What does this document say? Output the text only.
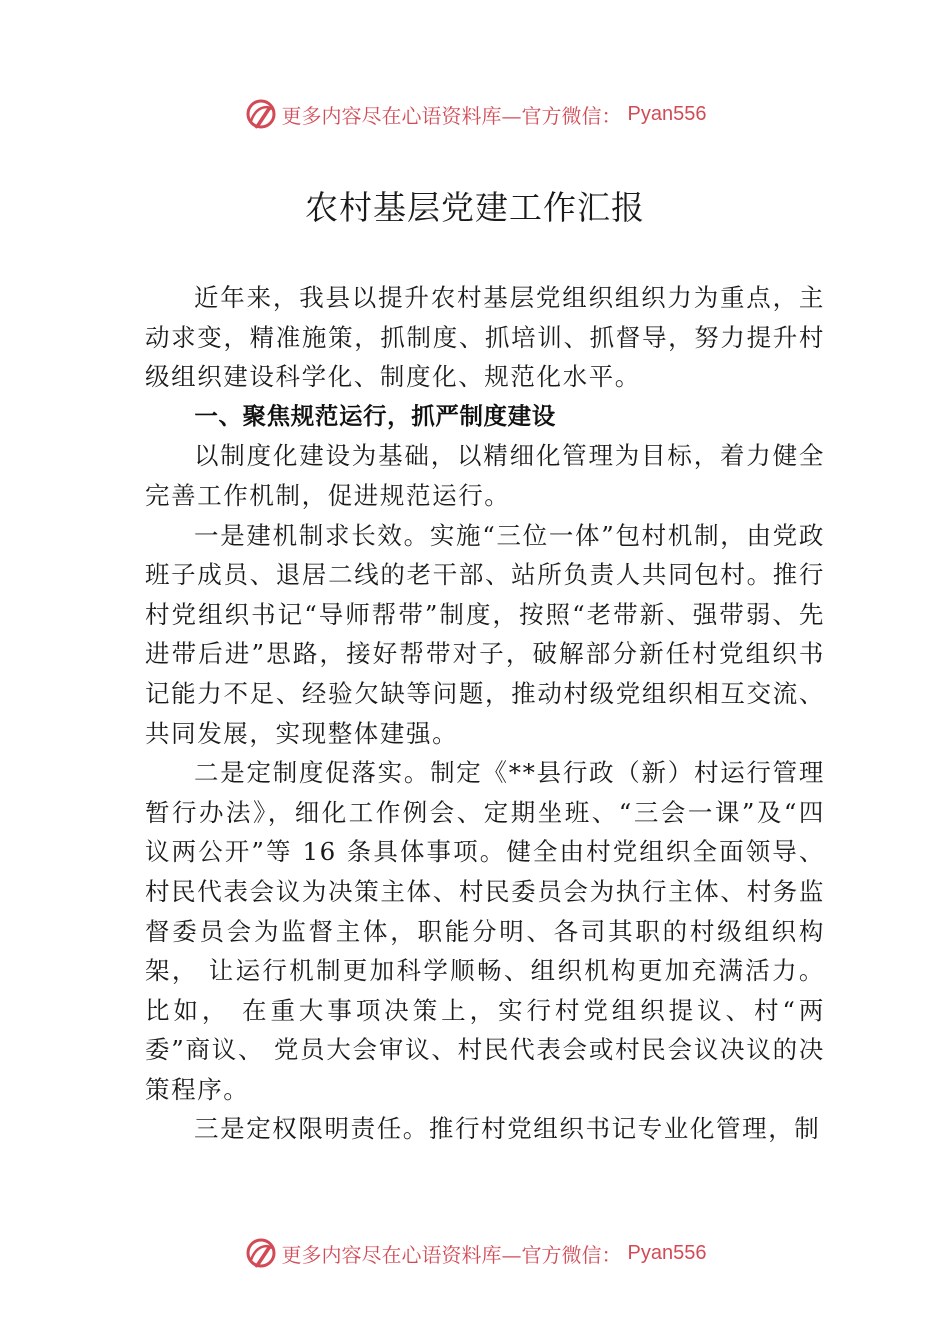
更多内容尽在心语资料库—官方微信： Pyan556
农村基层党建工作汇报

近年来，我县以提升农村基层党组织组织力为重点，主动求变，精准施策，抓制度、抓培训、抓督导，努力提升村级组织建设科学化、制度化、规范化水平。

一、聚焦规范运行，抓严制度建设

以制度化建设为基础，以精细化管理为目标，着力健全完善工作机制，促进规范运行。

一是建机制求长效。实施“三位一体”包村机制，由党政班子成员、退居二线的老干部、站所负责人共同包村。推行村党组织书记“导师帮带”制度，按照“老带新、强带弱、先进带后进”思路，接好帮带对子，破解部分新任村党组织书记能力不足、经验欠缺等问题，推动村级党组织相互交流、共同发展，实现整体建强。

二是定制度促落实。制定《**县行政（新）村运行管理暂行办法》，细化工作例会、定期坐班、“三会一课”及“四议两公开”等 16 条具体事项。健全由村党组织全面领导、村民代表会议为决策主体、村民委员会为执行主体、村务监督委员会为监督主体，职能分明、各司其职的村级组织构架， 让运行机制更加科学顺畅、组织机构更加充满活力。比如， 在重大事项决策上，实行村党组织提议、村“两委”商议、 党员大会审议、村民代表会或村民会议决议的决策程序。

三是定权限明责任。推行村党组织书记专业化管理，制

更多内容尽在心语资料库—官方微信： Pyan556
